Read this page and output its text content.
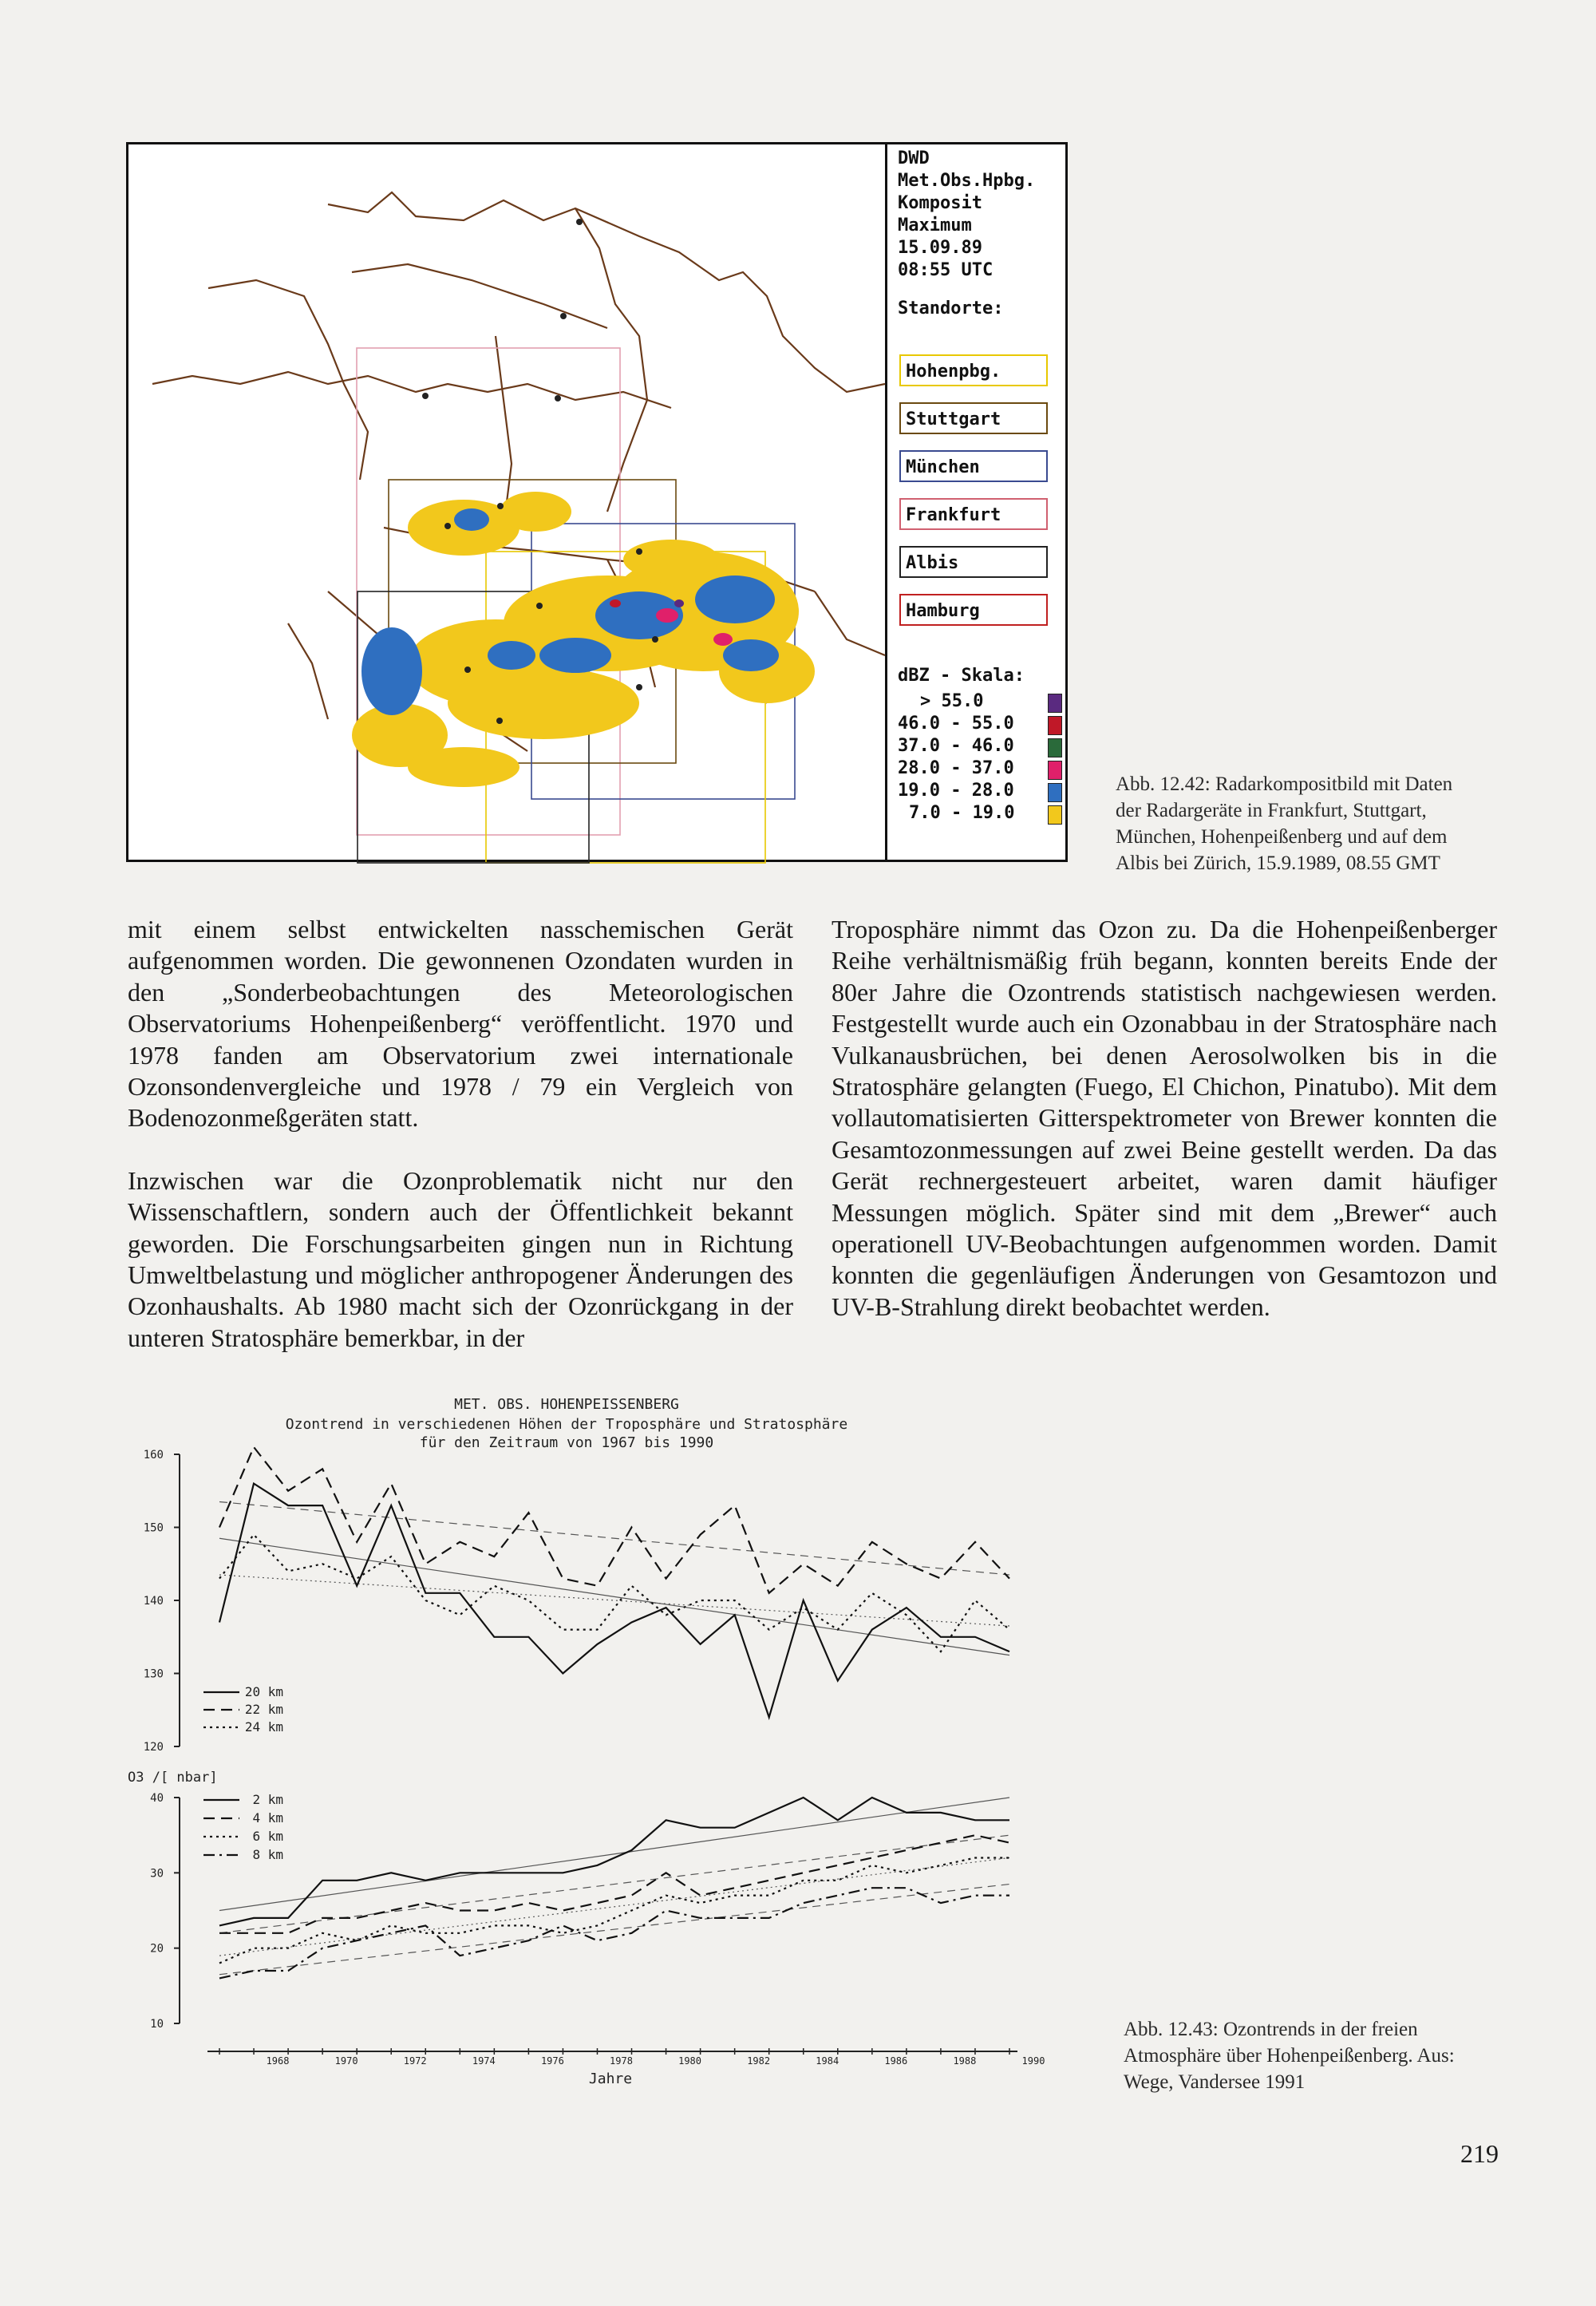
DWD
Met.Obs.Hpbg.
Komposit
Maximum
15.09.89
08:55 UTC
Standorte:
Hohenpbg.
Stuttgart
München
Frankfurt
Albis
Hamburg
dBZ - Skala:
> 55.0
46.0 - 55.0
37.0 - 46.0
28.0 - 37.0
19.0 - 28.0
7.0 - 19.0
Abb. 12.42: Radarkompositbild mit Daten
der Radargeräte in Frankfurt, Stuttgart,
München, Hohenpeißenberg und auf dem
Albis bei Zürich, 15.9.1989, 08.55 GMT

mit einem selbst entwickelten nasschemischen Gerät aufgenommen worden. Die gewonnenen Ozondaten wurden in den „Sonderbeobachtungen des Meteorologischen Observatoriums Hohenpeißenberg“ veröffentlicht. 1970 und 1978 fanden am Observatorium zwei internationale Ozonsondenvergleiche und 1978 / 79 ein Vergleich von Bodenozonmeßgeräten statt.

Inzwischen war die Ozonproblematik nicht nur den Wissenschaftlern, sondern auch der Öffentlichkeit bekannt geworden. Die Forschungsarbeiten gingen nun in Richtung Umweltbelastung und möglicher anthropogener Änderungen des Ozonhaushalts. Ab 1980 macht sich der Ozonrückgang in der unteren Stratosphäre bemerkbar, in der

Troposphäre nimmt das Ozon zu. Da die Hohenpeißenberger Reihe verhältnismäßig früh begann, konnten bereits Ende der 80er Jahre die Ozontrends statistisch nachgewiesen werden. Festgestellt wurde auch ein Ozonabbau in der Stratosphäre nach Vulkanausbrüchen, bei denen Aerosolwolken bis in die Stratosphäre gelangten (Fuego, El Chichon, Pinatubo). Mit dem vollautomatisierten Gitterspektrometer von Brewer konnten die Gesamtozonmessungen auf zwei Beine gestellt werden. Da das Gerät rechnergesteuert arbeitet, waren damit häufiger Messungen möglich. Später sind mit dem „Brewer“ auch operationell UV-Beobachtungen aufgenommen worden. Damit konnten die gegenläufigen Änderungen von Gesamtozon und UV-B-Strahlung direkt beobachtet werden.

MET. OBS. HOHENPEISSENBERG
Ozontrend in verschiedenen Höhen der Troposphäre und Stratosphäre
für den Zeitraum von 1967 bis 1990
160
150
140
130
120
20 km
22 km
24 km
O3 /[ nbar]
40
30
20
10
2 km
4 km
6 km
8 km
1968	1970	1972	1974	1976	1978	1980	1982	1984	1986	1988	1990
Jahre
Abb. 12.43: Ozontrends in der freien
Atmosphäre über Hohenpeißenberg. Aus:
Wege, Vandersee 1991
219
